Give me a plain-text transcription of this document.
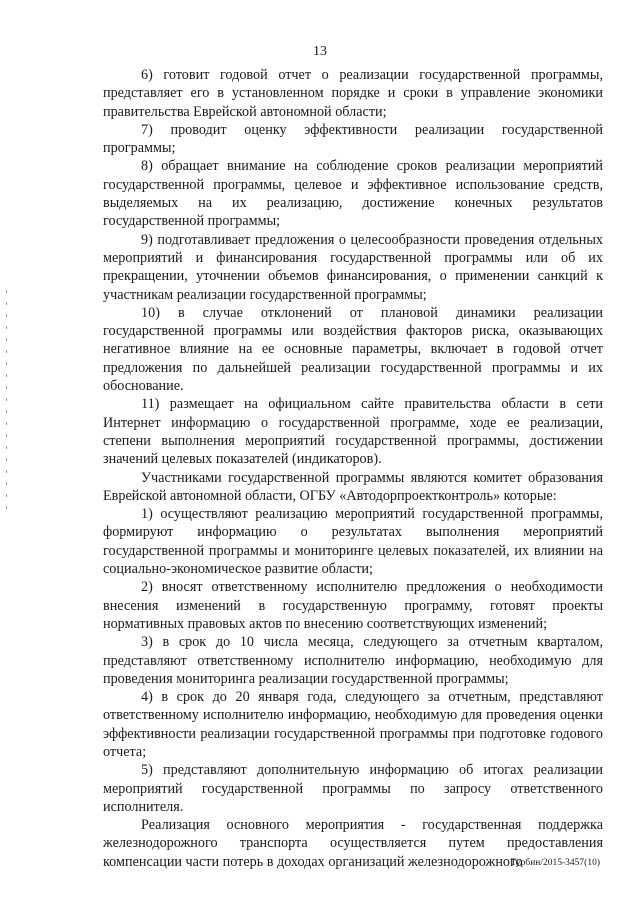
13

6) готовит годовой отчет о реализации государственной программы, представляет его в установленном порядке и сроки в управление экономики правительства Еврейской автономной области;

7) проводит оценку эффективности реализации государственной программы;

8) обращает внимание на соблюдение сроков реализации мероприятий государственной программы, целевое и эффективное использование средств, выделяемых на их реализацию, достижение конечных результатов государственной программы;

9) подготавливает предложения о целесообразности проведения отдельных мероприятий и финансирования государственной программы или об их прекращении, уточнении объемов финансирования, о применении санкций к участникам реализации государственной программы;

10) в случае отклонений от плановой динамики реализации государственной программы или воздействия факторов риска, оказывающих негативное влияние на ее основные параметры, включает в годовой отчет предложения по дальнейшей реализации государственной программы и их обоснование.

11) размещает на официальном сайте правительства области в сети Интернет информацию о государственной программе, ходе ее реализации, степени выполнения мероприятий государственной программы, достижении значений целевых показателей (индикаторов).

Участниками государственной программы являются комитет образования Еврейской автономной области, ОГБУ «Автодорпроектконтроль» которые:

1) осуществляют реализацию мероприятий государственной программы, формируют информацию о результатах выполнения мероприятий государственной программы и мониторинге целевых показателей, их влиянии на социально-экономическое развитие области;

2) вносят ответственному исполнителю предложения о необходимости внесения изменений в государственную программу, готовят проекты нормативных правовых актов по внесению соответствующих изменений;

3) в срок до 10 числа месяца, следующего за отчетным кварталом, представляют ответственному исполнителю информацию, необходимую для проведения мониторинга реализации государственной программы;

4) в срок до 20 января года, следующего за отчетным, представляют ответственному исполнителю информацию, необходимую для проведения оценки эффективности реализации государственной программы при подготовке годового отчета;

5) представляют дополнительную информацию об итогах реализации мероприятий государственной программы по запросу ответственного исполнителя.

Реализация основного мероприятия - государственная поддержка железнодорожного транспорта осуществляется путем предоставления компенсации части потерь в доходах организаций железнодорожного

Турбин/2015-3457(10)
